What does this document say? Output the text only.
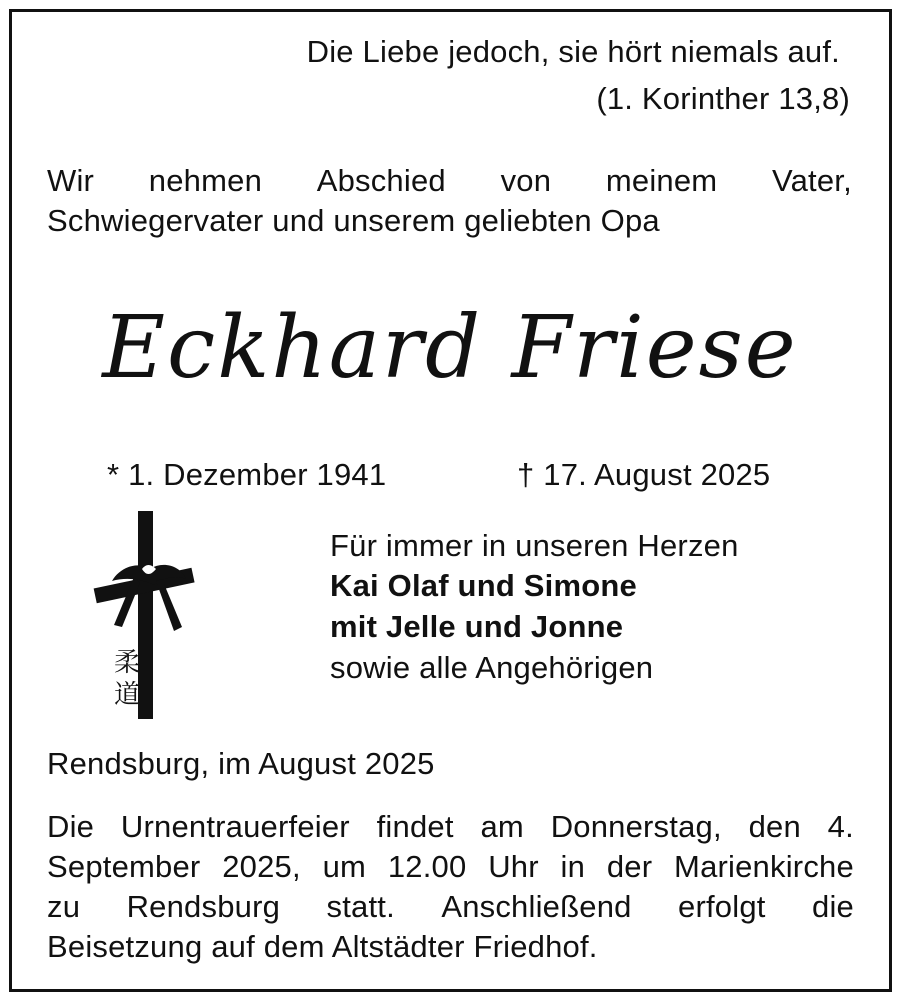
Die Liebe jedoch, sie hört niemals auf.

(1. Korinther 13,8)

Wir nehmen Abschied von meinem Vater,

Schwiegervater und unserem geliebten Opa

Eckhard Friese

* 1. Dezember 1941	† 17. August 2025

柔
道

Für immer in unseren Herzen

Kai Olaf und Simone

mit Jelle und Jonne

sowie alle Angehörigen

Rendsburg, im August 2025

Die Urnentrauerfeier findet am Donnerstag, den 4.
September 2025, um 12.00 Uhr in der Marienkirche
zu Rendsburg statt. Anschließend erfolgt die

Beisetzung auf dem Altstädter Friedhof.
